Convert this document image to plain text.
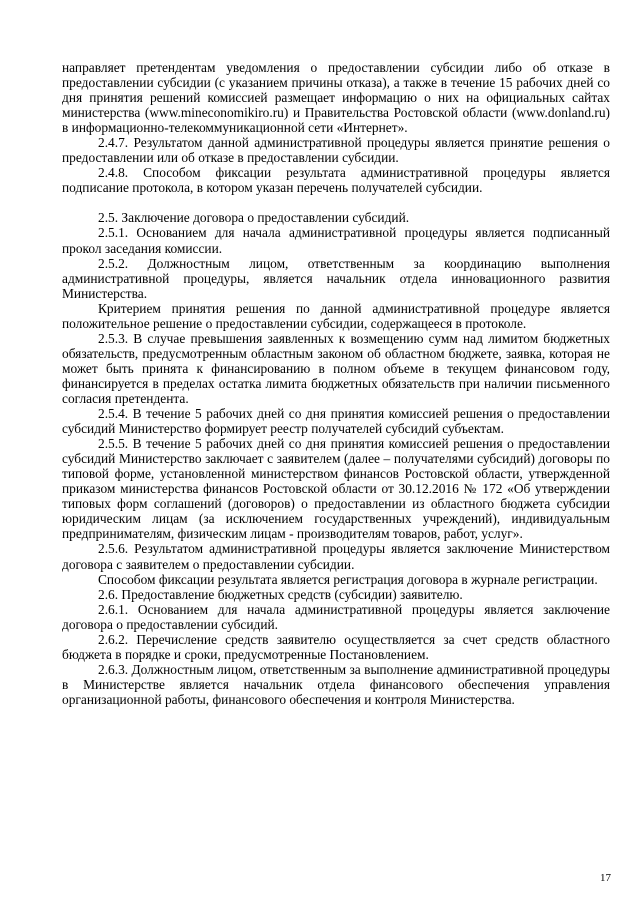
направляет претендентам уведомления о предоставлении субсидии либо об отказе в предоставлении субсидии (с указанием причины отказа), а также в течение 15 рабочих дней со дня принятия решений комиссией размещает информацию о них на официальных сайтах министерства (www.mineconomikiro.ru) и Правительства Ростовской области (www.donland.ru) в информационно-телекоммуникационной сети «Интернет».

2.4.7. Результатом данной административной процедуры является принятие решения о предоставлении или об отказе в предоставлении субсидии.

2.4.8. Способом фиксации результата административной процедуры является подписание протокола, в котором указан перечень получателей субсидии.

2.5. Заключение договора о предоставлении субсидий.

2.5.1. Основанием для начала административной процедуры является подписанный прокол заседания комиссии.

2.5.2. Должностным лицом, ответственным за координацию выполнения административной процедуры, является начальник отдела инновационного развития Министерства.

Критерием принятия решения по данной административной процедуре является положительное решение о предоставлении субсидии, содержащееся в протоколе.

2.5.3. В случае превышения заявленных к возмещению сумм над лимитом бюджетных обязательств, предусмотренным областным законом об областном бюджете, заявка, которая не может быть принята к финансированию в полном объеме в текущем финансовом году, финансируется в пределах остатка лимита бюджетных обязательств при наличии письменного согласия претендента.

2.5.4. В течение 5 рабочих дней со дня принятия комиссией решения о предоставлении субсидий Министерство формирует реестр получателей субсидий субъектам.

2.5.5. В течение 5 рабочих дней со дня принятия комиссией решения о предоставлении субсидий Министерство заключает с заявителем (далее – получателями субсидий) договоры по типовой форме, установленной министерством финансов Ростовской области, утвержденной приказом министерства финансов Ростовской области от 30.12.2016 № 172 «Об утверждении типовых форм соглашений (договоров) о предоставлении из областного бюджета субсидии юридическим лицам (за исключением государственных учреждений), индивидуальным предпринимателям, физическим лицам - производителям товаров, работ, услуг».

2.5.6. Результатом административной процедуры является заключение Министерством договора с заявителем о предоставлении субсидии.

Способом фиксации результата является регистрация договора в журнале регистрации.

2.6. Предоставление бюджетных средств (субсидии) заявителю.

2.6.1. Основанием для начала административной процедуры является заключение договора о предоставлении субсидий.

2.6.2. Перечисление средств заявителю осуществляется за счет средств областного бюджета в порядке и сроки, предусмотренные Постановлением.

2.6.3. Должностным лицом, ответственным за выполнение административной процедуры в Министерстве является начальник отдела финансового обеспечения управления организационной работы, финансового обеспечения и контроля Министерства.

17
